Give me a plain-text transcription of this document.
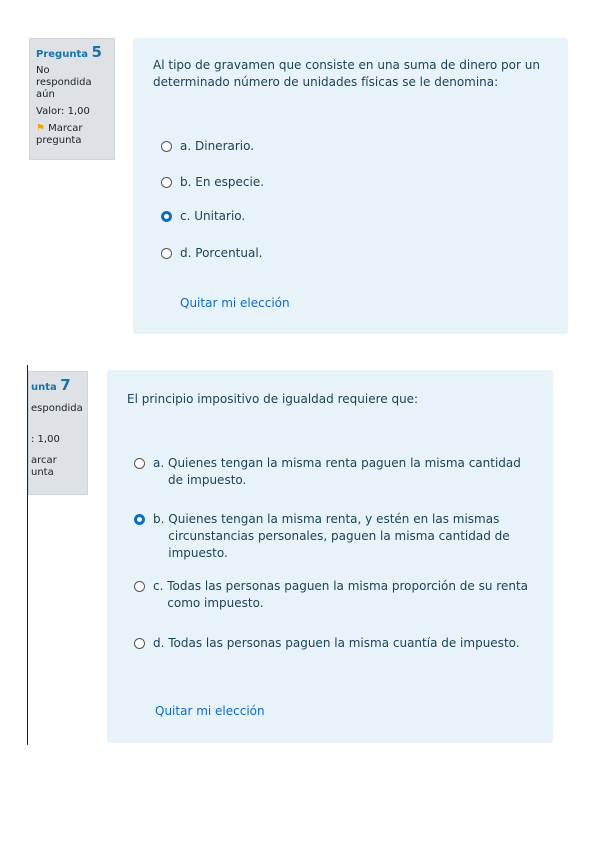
Pregunta 5
No respondida aún
Valor: 1,00
⚑ Marcar pregunta
Al tipo de gravamen que consiste en una suma de dinero por un determinado número de unidades físicas se le denomina:
a.
Dinerario.
b.
En especie.
c.
Unitario.
d.
Porcentual.
Quitar mi elección
unta 7
espondida
: 1,00
arcar
unta
El principio impositivo de igualdad requiere que:
a.
Quienes tengan la misma renta paguen la misma cantidad de impuesto.
b.
Quienes tengan la misma renta, y estén en las mismas circunstancias personales, paguen la misma cantidad de impuesto.
c.
Todas las personas paguen la misma proporción de su renta como impuesto.
d.
Todas las personas paguen la misma cuantía de impuesto.
Quitar mi elección
